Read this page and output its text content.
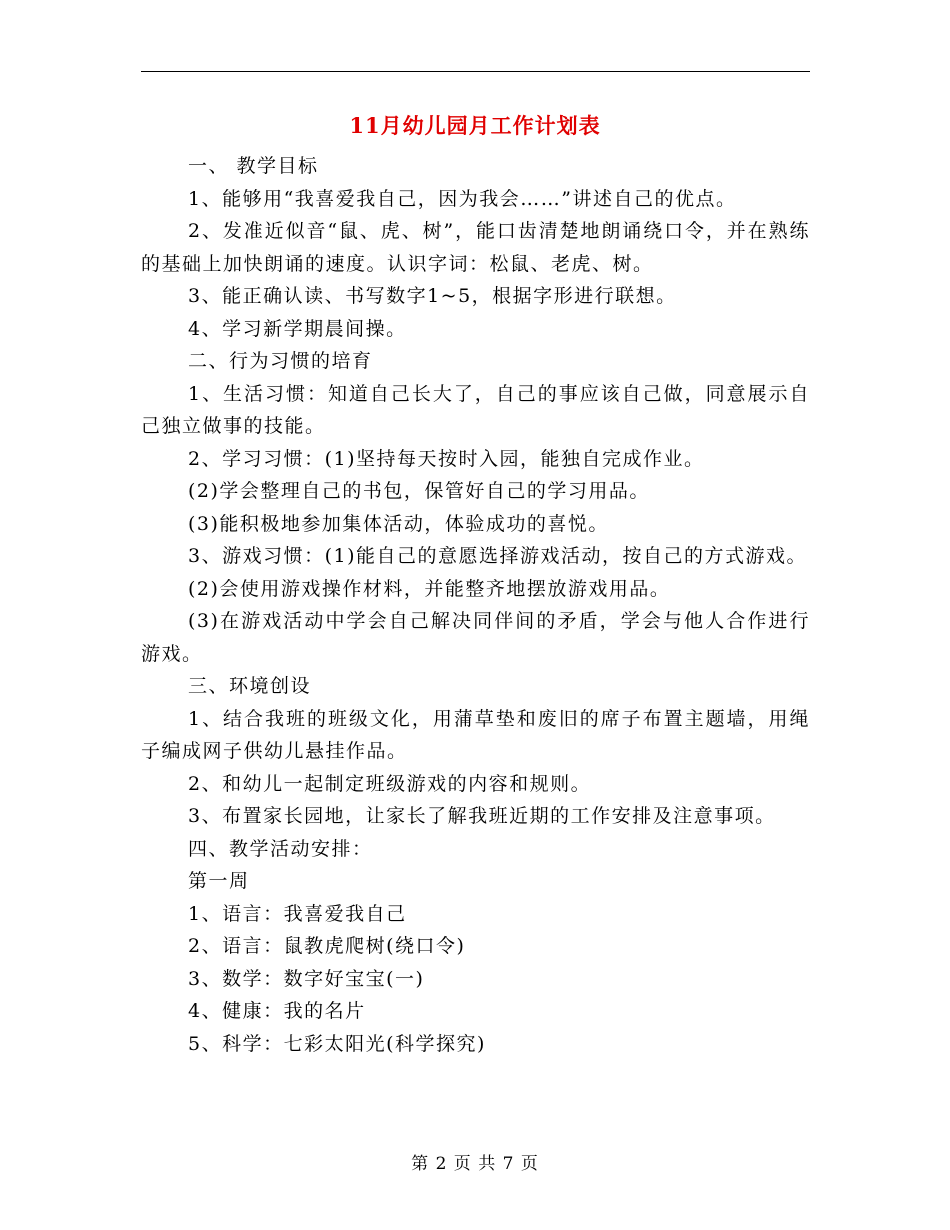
11月幼儿园月工作计划表

一、 教学目标

1、能够用“我喜爱我自己，因为我会……”讲述自己的优点。

2、发准近似音“鼠、虎、树”，能口齿清楚地朗诵绕口令，并在熟练的基础上加快朗诵的速度。认识字词：松鼠、老虎、树。

3、能正确认读、书写数字1~5，根据字形进行联想。

4、学习新学期晨间操。

二、行为习惯的培育

1、生活习惯：知道自己长大了，自己的事应该自己做，同意展示自己独立做事的技能。

2、学习习惯：(1)坚持每天按时入园，能独自完成作业。

(2)学会整理自己的书包，保管好自己的学习用品。

(3)能积极地参加集体活动，体验成功的喜悦。

3、游戏习惯：(1)能自己的意愿选择游戏活动，按自己的方式游戏。

(2)会使用游戏操作材料，并能整齐地摆放游戏用品。

(3)在游戏活动中学会自己解决同伴间的矛盾，学会与他人合作进行游戏。

三、环境创设

1、结合我班的班级文化，用蒲草垫和废旧的席子布置主题墙，用绳子编成网子供幼儿悬挂作品。

2、和幼儿一起制定班级游戏的内容和规则。

3、布置家长园地，让家长了解我班近期的工作安排及注意事项。

四、教学活动安排：

第一周

1、语言：我喜爱我自己

2、语言：鼠教虎爬树(绕口令)

3、数学：数字好宝宝(一)

4、健康：我的名片

5、科学：七彩太阳光(科学探究)

第 2 页 共 7 页
